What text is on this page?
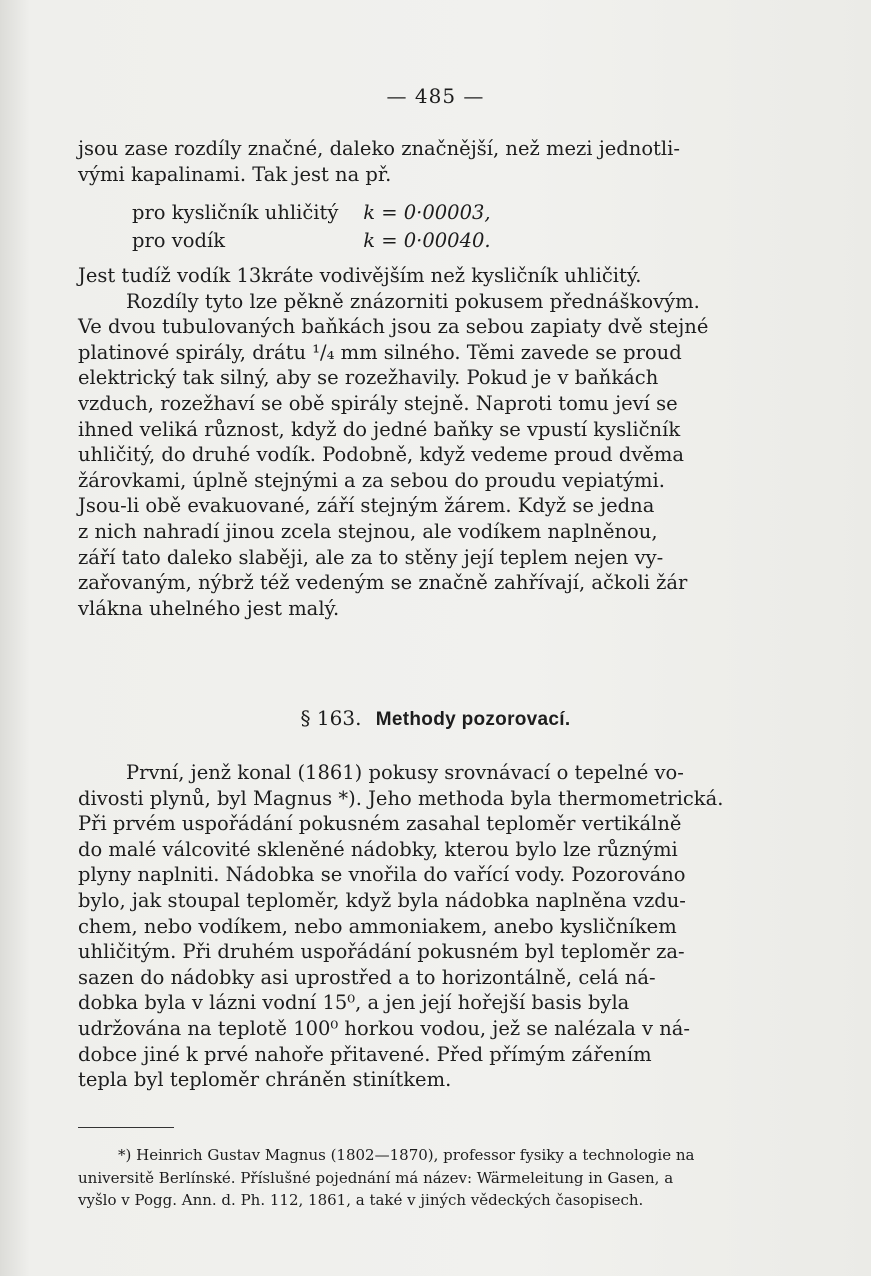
— 485 —

jsou zase rozdíly značné, daleko značnější, než mezi jednotli-

vými kapalinami. Tak jest na př.

pro kysličník uhličitý k = 0·00003,
pro vodík	k = 0·00040.

Jest tudíž vodík 13kráte vodivějším než kysličník uhličitý.

Rozdíly tyto lze pěkně znázorniti pokusem přednáškovým.

Ve dvou tubulovaných baňkách jsou za sebou zapiaty dvě stejné

platinové spirály, drátu ¹/₄ mm silného. Těmi zavede se proud

elektrický tak silný, aby se rozežhavily. Pokud je v baňkách

vzduch, rozežhaví se obě spirály stejně. Naproti tomu jeví se

ihned veliká různost, když do jedné baňky se vpustí kysličník

uhličitý, do druhé vodík. Podobně, když vedeme proud dvěma

žárovkami, úplně stejnými a za sebou do proudu vepiatými.

Jsou-li obě evakuované, září stejným žárem. Když se jedna

z nich nahradí jinou zcela stejnou, ale vodíkem naplněnou,

září tato daleko slaběji, ale za to stěny její teplem nejen vy-

zařovaným, nýbrž též vedeným se značně zahřívají, ačkoli žár

vlákna uhelného jest malý.

§ 163. Methody pozorovací.

První, jenž konal (1861) pokusy srovnávací o tepelné vo-

divosti plynů, byl Magnus *). Jeho methoda byla thermometrická.

Při prvém uspořádání pokusném zasahal teploměr vertikálně

do malé válcovité skleněné nádobky, kterou bylo lze různými

plyny naplniti. Nádobka se vnořila do vařící vody. Pozorováno

bylo, jak stoupal teploměr, když byla nádobka naplněna vzdu-

chem, nebo vodíkem, nebo ammoniakem, anebo kysličníkem

uhličitým. Při druhém uspořádání pokusném byl teploměr za-

sazen do nádobky asi uprostřed a to horizontálně, celá ná-

dobka byla v lázni vodní 15⁰, a jen její hořejší basis byla

udržována na teplotě 100⁰ horkou vodou, jež se nalézala v ná-

dobce jiné k prvé nahoře přitavené. Před přímým zářením

tepla byl teploměr chráněn stinítkem.

*) Heinrich Gustav Magnus (1802—1870), professor fysiky a technologie na

universitě Berlínské. Příslušné pojednání má název: Wärmeleitung in Gasen, a

vyšlo v Pogg. Ann. d. Ph. 112, 1861, a také v jiných vědeckých časopisech.
